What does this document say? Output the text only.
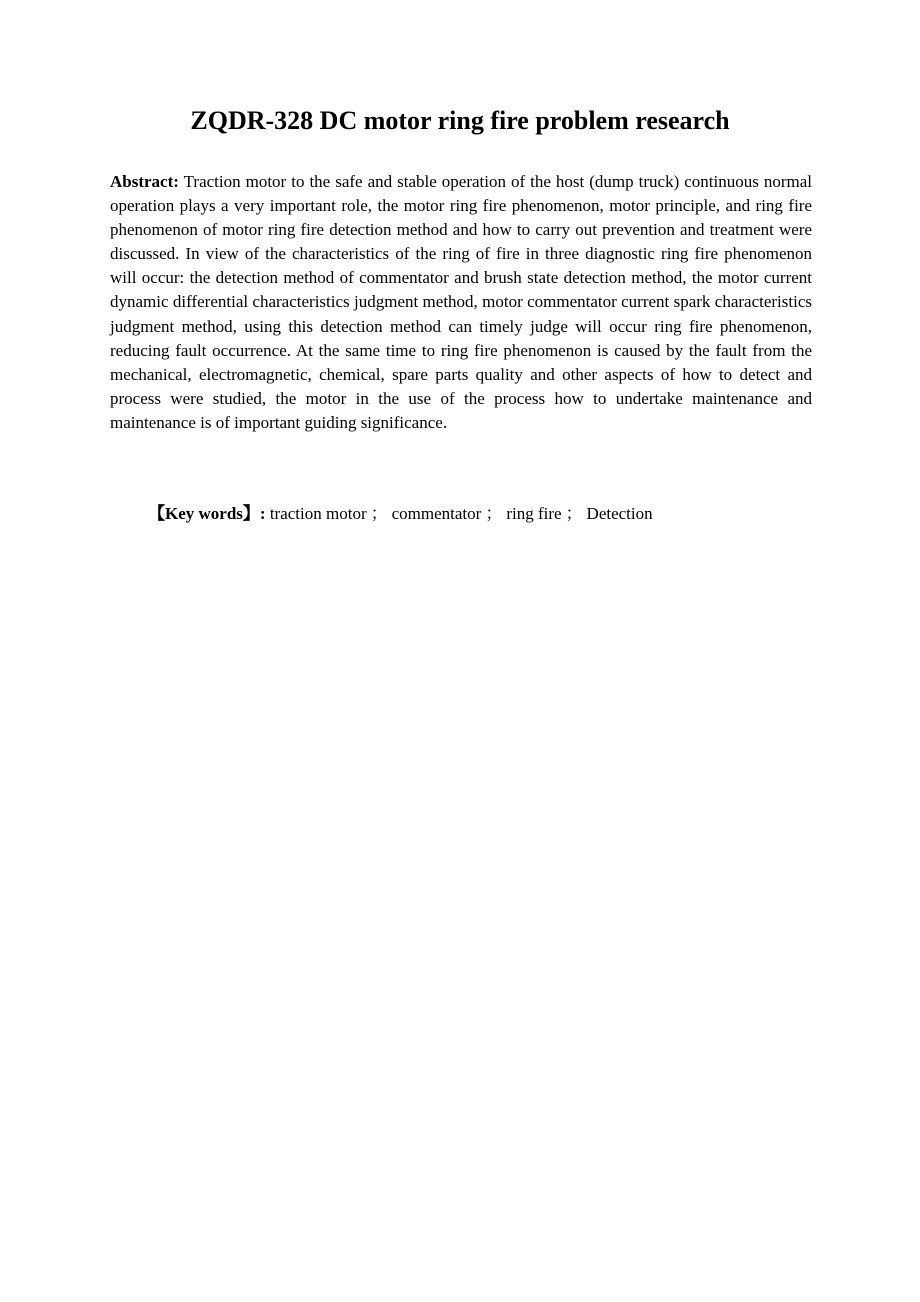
ZQDR-328 DC motor ring fire problem research

Abstract: Traction motor to the safe and stable operation of the host (dump truck) continuous normal operation plays a very important role, the motor ring fire phenomenon, motor principle, and ring fire phenomenon of motor ring fire detection method and how to carry out prevention and treatment were discussed. In view of the characteristics of the ring of fire in three diagnostic ring fire phenomenon will occur: the detection method of commentator and brush state detection method, the motor current dynamic differential characteristics judgment method, motor commentator current spark characteristics judgment method, using this detection method can timely judge will occur ring fire phenomenon, reducing fault occurrence. At the same time to ring fire phenomenon is caused by the fault from the mechanical, electromagnetic, chemical, spare parts quality and other aspects of how to detect and process were studied, the motor in the use of the process how to undertake maintenance and maintenance is of important guiding significance.

【Key words】: traction motor ； commentator ； ring fire ； Detection
